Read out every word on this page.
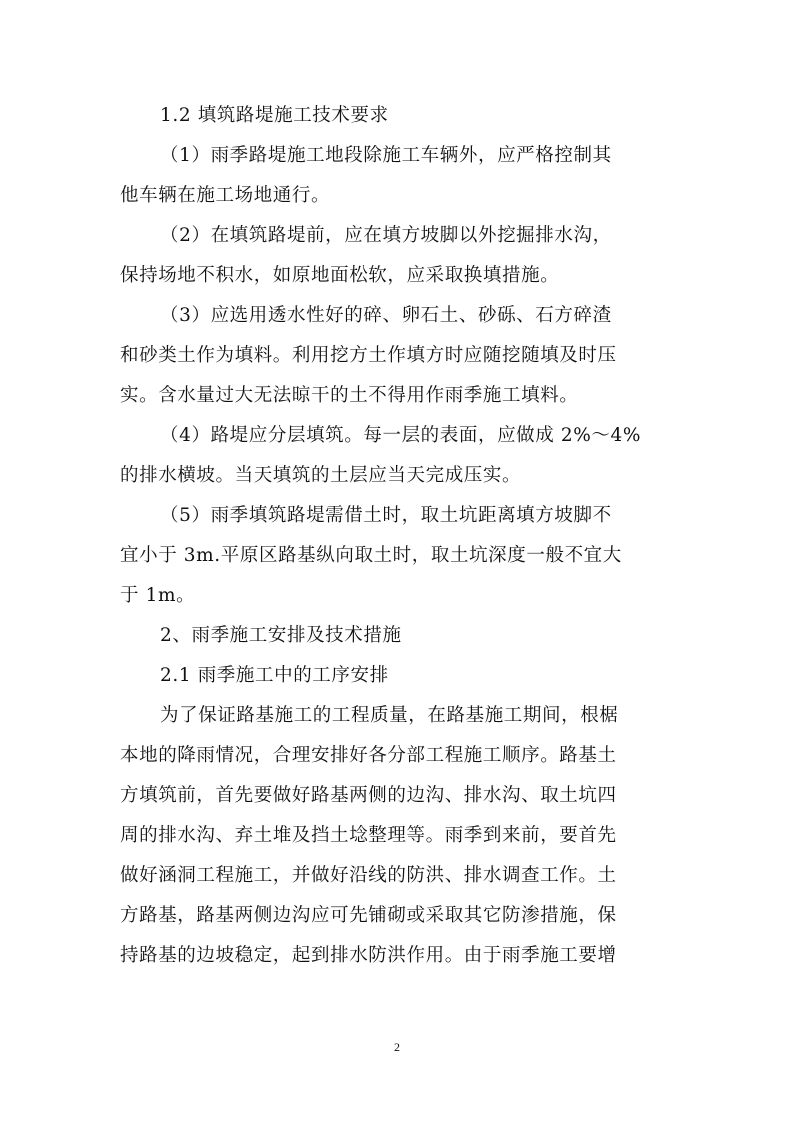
1.2 填筑路堤施工技术要求
（1）雨季路堤施工地段除施工车辆外，应严格控制其
他车辆在施工场地通行。
（2）在填筑路堤前，应在填方坡脚以外挖掘排水沟，
保持场地不积水，如原地面松软，应采取换填措施。
（3）应选用透水性好的碎、卵石土、砂砾、石方碎渣
和砂类土作为填料。利用挖方土作填方时应随挖随填及时压
实。含水量过大无法晾干的土不得用作雨季施工填料。
（4）路堤应分层填筑。每一层的表面，应做成 2%～4%
的排水横坡。当天填筑的土层应当天完成压实。
（5）雨季填筑路堤需借土时，取土坑距离填方坡脚不
宜小于 3m.平原区路基纵向取土时，取土坑深度一般不宜大
于 1m。
2、雨季施工安排及技术措施
2.1 雨季施工中的工序安排
为了保证路基施工的工程质量，在路基施工期间，根椐
本地的降雨情况，合理安排好各分部工程施工顺序。路基土
方填筑前，首先要做好路基两侧的边沟、排水沟、取土坑四
周的排水沟、弃土堆及挡土埝整理等。雨季到来前，要首先
做好涵洞工程施工，并做好沿线的防洪、排水调查工作。土
方路基，路基两侧边沟应可先铺砌或采取其它防渗措施，保
持路基的边坡稳定，起到排水防洪作用。由于雨季施工要增
2
